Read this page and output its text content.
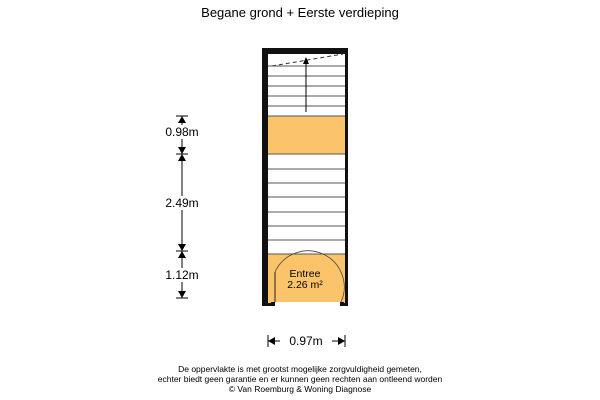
Begane grond + Eerste verdieping
Entree
2.26 m²
0.98m
2.49m
1.12m
0.97m
De oppervlakte is met grootst mogelijke zorgvuldigheid gemeten,
echter biedt geen garantie en er kunnen geen rechten aan ontleend worden
© Van Roemburg & Woning Diagnose
